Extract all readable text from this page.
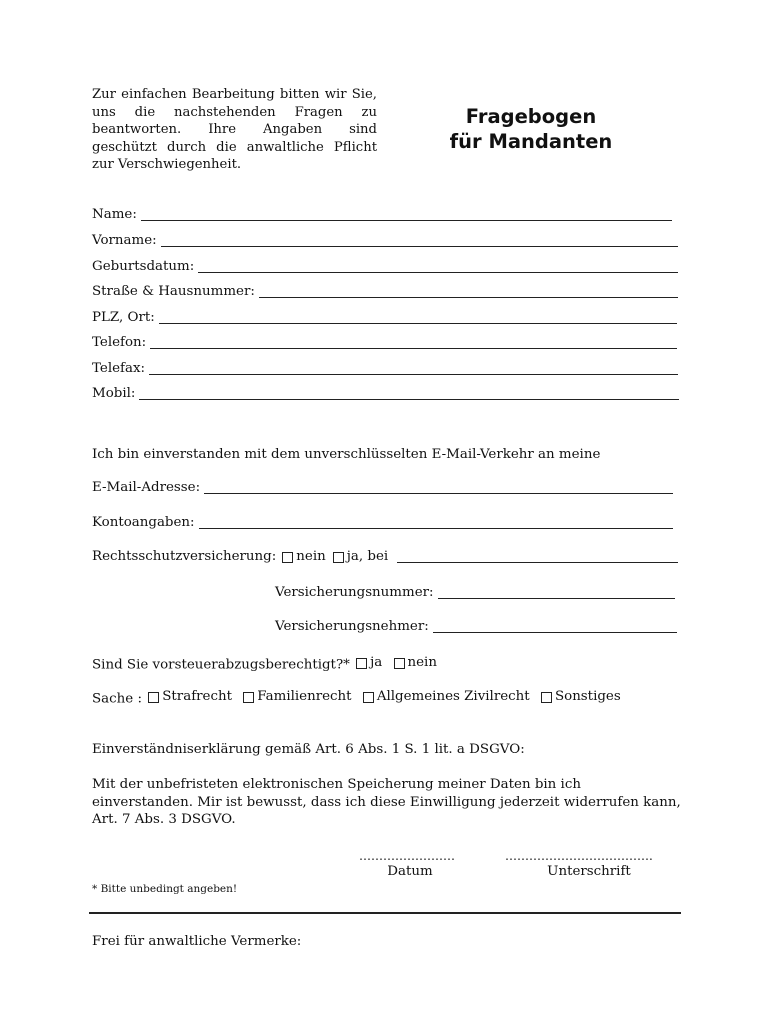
Zur einfachen Bearbeitung bitten wir Sie, uns die nachstehenden Fragen zu beantworten. Ihre Angaben sind geschützt durch die anwaltliche Pflicht zur Verschwiegenheit.
Fragebogen
für Mandanten
Name:
Vorname:
Geburtsdatum:
Straße & Hausnummer:
PLZ, Ort:
Telefon:
Telefax:
Mobil:
Ich bin einverstanden mit dem unverschlüsselten E-Mail-Verkehr an meine
E-Mail-Adresse:
Kontoangaben:
Rechtsschutzversicherung: nein ja, bei
Versicherungsnummer:
Versicherungsnehmer:
Sind Sie vorsteuerabzugsberechtigt?* ja
nein
Sache : Strafrecht
Familienrecht
Allgemeines Zivilrecht
Sonstiges
Einverständniserklärung gemäß Art. 6 Abs. 1 S. 1 lit. a DSGVO:
Mit der unbefristeten elektronischen Speicherung meiner Daten bin ich einverstanden. Mir ist bewusst, dass ich diese Einwilligung jederzeit widerrufen kann, Art. 7 Abs. 3 DSGVO.
……………………	……………………………….
Datum	Unterschrift
* Bitte unbedingt angeben!
Frei für anwaltliche Vermerke:
